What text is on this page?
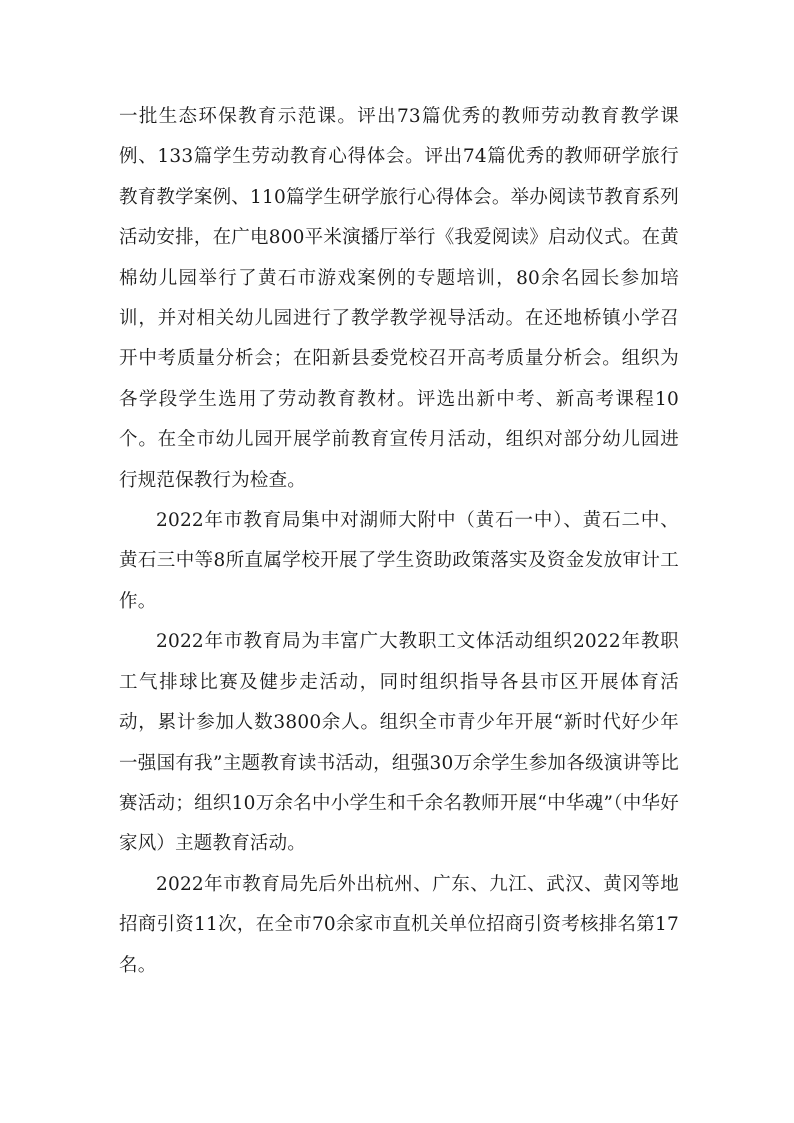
一批生态环保教育示范课。评出73篇优秀的教师劳动教育教学课例、133篇学生劳动教育心得体会。评出74篇优秀的教师研学旅行教育教学案例、110篇学生研学旅行心得体会。举办阅读节教育系列活动安排，在广电800平米演播厅举行《我爱阅读》启动仪式。在黄棉幼儿园举行了黄石市游戏案例的专题培训，80余名园长参加培训，并对相关幼儿园进行了教学教学视导活动。在还地桥镇小学召开中考质量分析会；在阳新县委党校召开高考质量分析会。组织为各学段学生选用了劳动教育教材。评选出新中考、新高考课程10个。在全市幼儿园开展学前教育宣传月活动，组织对部分幼儿园进行规范保教行为检查。

2022年市教育局集中对湖师大附中（黄石一中）、黄石二中、黄石三中等8所直属学校开展了学生资助政策落实及资金发放审计工作。

2022年市教育局为丰富广大教职工文体活动组织2022年教职工气排球比赛及健步走活动，同时组织指导各县市区开展体育活动，累计参加人数3800余人。组织全市青少年开展“新时代好少年一强国有我”主题教育读书活动，组强30万余学生参加各级演讲等比赛活动；组织10万余名中小学生和千余名教师开展“中华魂”（中华好家风）主题教育活动。

2022年市教育局先后外出杭州、广东、九江、武汉、黄冈等地招商引资11次，在全市70余家市直机关单位招商引资考核排名第17名。
